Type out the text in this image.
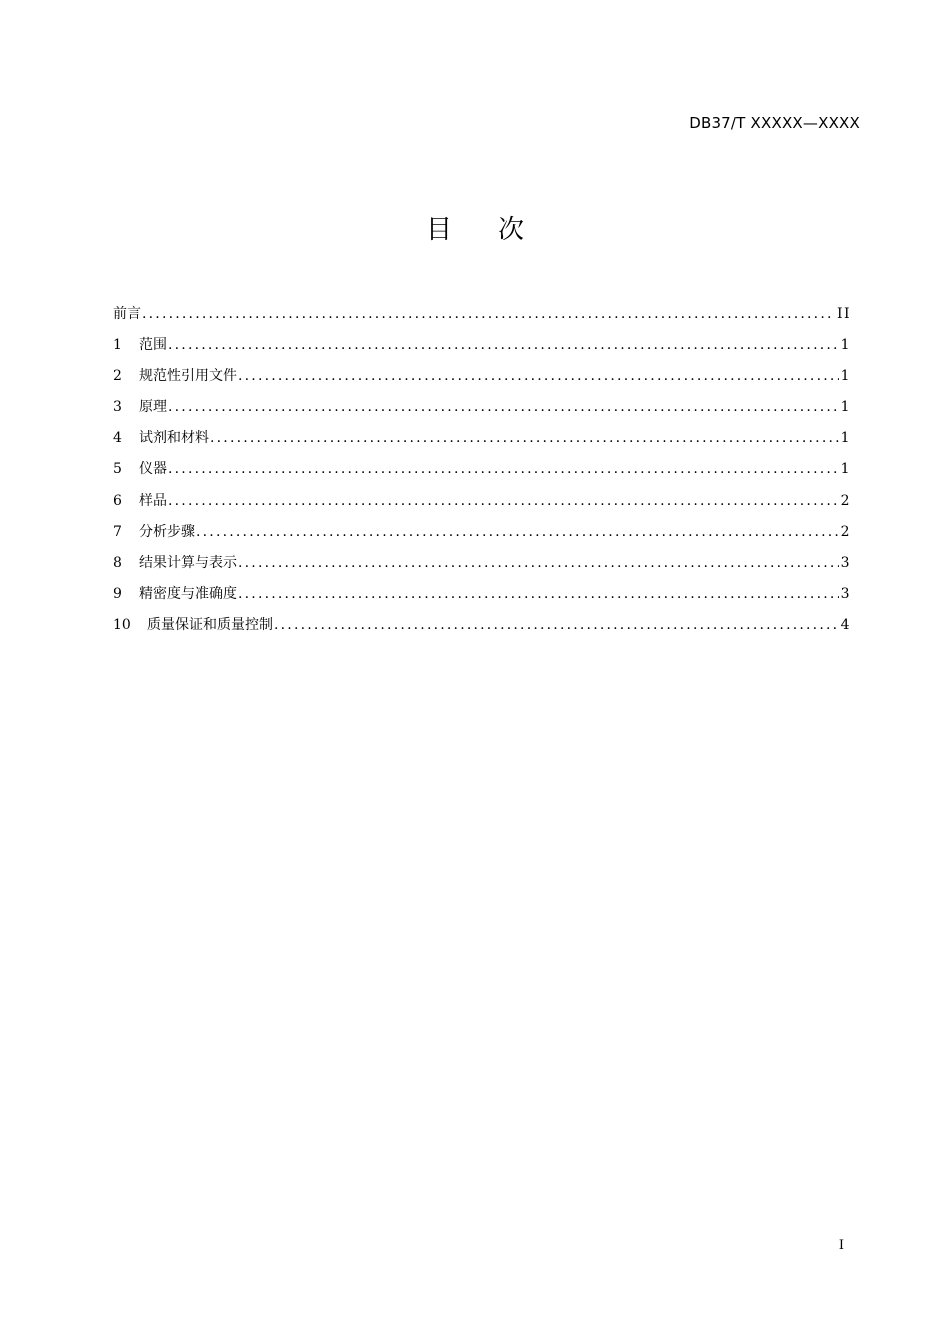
DB37/T XXXXX—XXXX
目 次
前言 .....	II
1	范围 .....	1
2	规范性引用文件 .....	1
3	原理 .....	1
4	试剂和材料 .....	1
5	仪器 .....	1
6	样品 .....	2
7	分析步骤 .....	2
8	结果计算与表示 .....	3
9	精密度与准确度 .....	3
10	质量保证和质量控制 .....	4
I
